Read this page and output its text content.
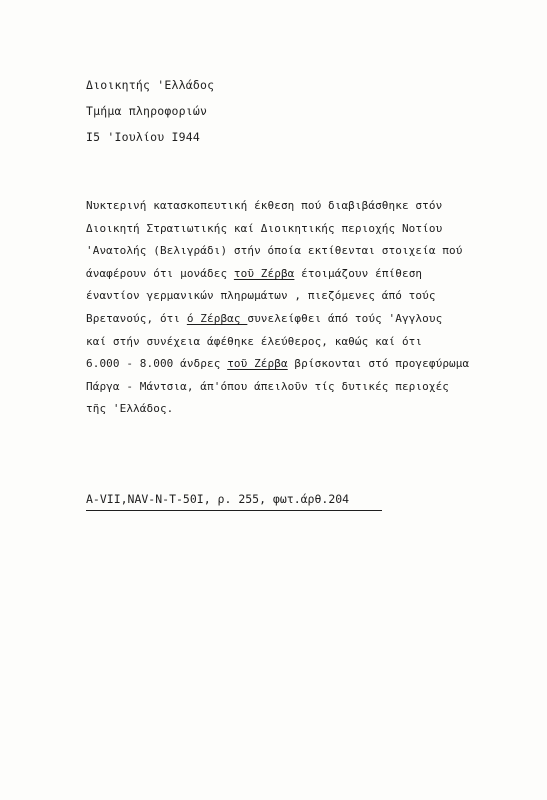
Διοικητής 'Ελλάδος
Τμήμα πληροφοριών
Ι5 'Ιουλίου Ι944
Νυκτερινή κατασκοπευτική έκθεση πού διαβιβάσθηκε στόν
Διοικητή Στρατιωτικής καί Διοικητικής περιοχής Νοτίου
'Ανατολής (Βελιγράδι) στήν όποία εκτίθενται στοιχεία πού
άναφέρουν ότι μονάδες τοῦ Ζέρβα έτοιμάζουν έπίθεση
έναντίον γερμανικών πληρωμάτων , πιεζόμενες άπό τούς
Βρετανούς, ότι ό Ζέρβας συνελείφθει άπό τούς 'Αγγλους
καί στήν συνέχεια άφέθηκε έλεύθερος, καθώς καί ότι
6.000 - 8.000 άνδρες τοῦ Ζέρβα βρίσκονται στό προγεφύρωμα
Πάργα - Μάντσια, άπ'όπου άπειλοῦν τίς δυτικές περιοχές
τῆς 'Ελλάδος.
A-VII,NAV-N-T-50I, ρ. 255, φωτ.άρθ.204
